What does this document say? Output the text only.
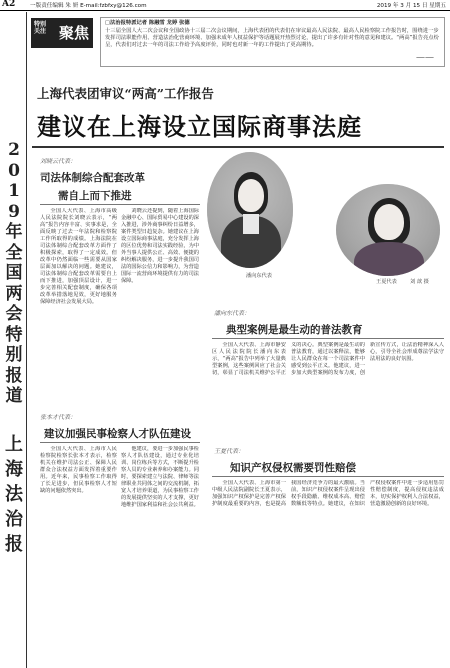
A2	一版责任编辑 朱 妍 E-mail:fzbfxy@126.com	2019 年 3 月 15 日 星期五
2019年全国两会特别报道
上海法治报
特别关注 聚焦
□法治报特派记者 陈融雪 龙婷 张德
十三届全国人大二次会议和全国政协十三届二次会议期间，上海代表团的代表们在审议最高人民法院、最高人民检察院工作报告时，围绕进一步发挥司法职能作用、营造法治化营商环境、加强未成年人权益保护等话题展开热烈讨论，提出了许多有针对性的意见和建议。“两高”报告亮点纷呈，代表们对过去一年的司法工作给予高度评价，同时也对新一年的工作提出了更高期待。
——
上海代表团审议“两高”工作报告
建议在上海设立国际商事法庭
刘晓云代表：
司法体制综合配套改革
需自上而下推进

全国人大代表、上海市高级人民法院院长刘晓云表示，“两高”报告内容丰富、实事求是，全面反映了过去一年法院和检察院工作所取得的成绩。上海法院在司法体制综合配套改革方面作了积极探索，取得了一定成效。但改革中仍然面临一些需要从国家层面加以解决的问题。她建议，司法体制综合配套改革需要自上而下推进，加强顶层设计，进一步完善相关配套制度，确保各项改革举措落地见效，更好地服务保障经济社会发展大局。

刘晓云还提到，随着上海国际金融中心、国际贸易中心建设的深入推进，涉外商事纠纷日益增多，案件类型日趋复杂。她建议在上海设立国际商事法庭，充分发挥上海的区位优势和司法实践经验，为中外当事人提供公正、高效、便捷的纠纷解决服务，进一步提升我国司法的国际公信力和影响力，为营造国际一流营商环境提供有力的司法保障。

潘向东代表
王夏代表	刘 歆 摄
张本才代表：
建议加强民事检察人才队伍建设

全国人大代表、上海市人民检察院检察长张本才表示，检察机关在维护司法公正、保障人民群众合法权益方面发挥着重要作用。近年来，民事检察工作取得了长足进步，但民事检察人才短缺的问题依然突出。

他建议，要进一步加强民事检察人才队伍建设，通过专业化培训、岗位练兵等方式，不断提升检察人员的专业素养和办案能力。同时，要探索建立与法院、律师等法律职业共同体之间的交流机制，拓宽人才培养渠道，为民事检察工作的发展提供坚实的人才支撑，更好地维护国家利益和社会公共利益。

潘向东代表：
典型案例是最生动的普法教育

全国人大代表、上海市静安区人民法院院长潘向东表示，“两高”报告中列举了大量典型案例，这些案例回应了社会关切，彰显了司法机关维护公平正义的决心。典型案例是最生动的普法教育，通过以案释法，能够让人民群众在每一个司法案件中感受到公平正义。他建议，进一步加大典型案例的发布力度，创新宣传方式，让法治精神深入人心，引导全社会形成尊法学法守法用法的良好氛围。

王夏代表：
知识产权侵权需要罚性赔偿

全国人大代表、上海市第一中级人民法院副院长王夏表示，加强知识产权保护是完善产权保护制度最重要的内容，也是提高我国经济竞争力的最大激励。当前，知识产权侵权案件呈现出侵权手段隐蔽、维权成本高、赔偿数额低等特点。她建议，在知识产权侵权案件中进一步适用惩罚性赔偿制度，提高侵权违法成本，切实保护权利人合法权益，营造激励创新的良好环境。
